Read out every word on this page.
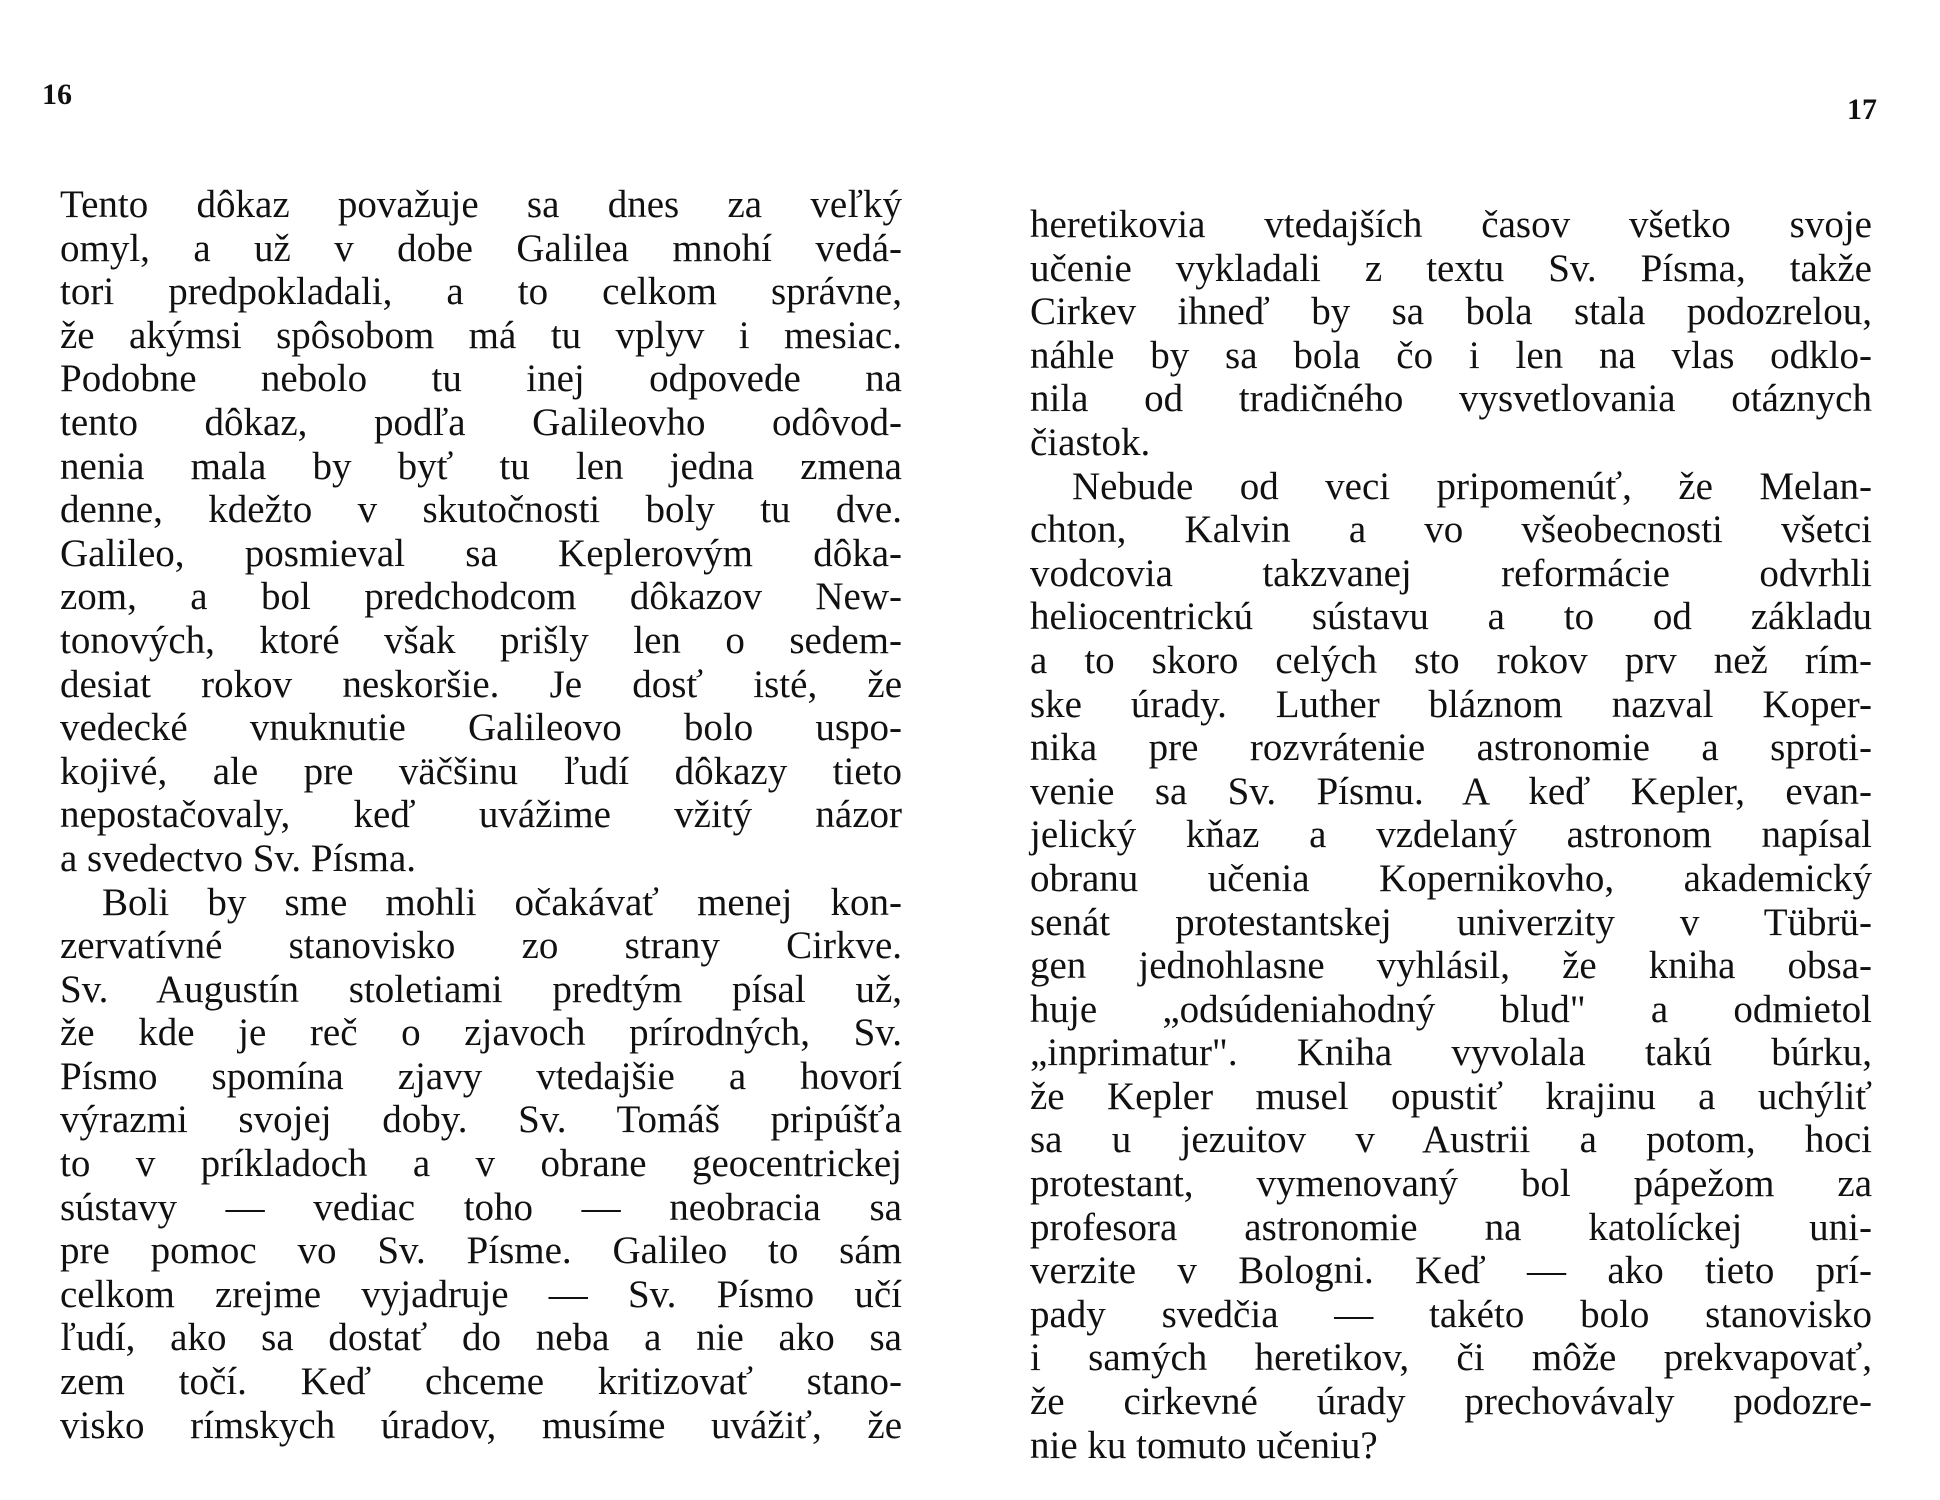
16
Tento dôkaz považuje sa dnes za veľký
omyl, a už v dobe Galilea mnohí vedá-
tori predpokladali, a to celkom správne,
že akýmsi spôsobom má tu vplyv i mesiac.
Podobne nebolo tu inej odpovede na
tento dôkaz, podľa Galileovho odôvod-
nenia mala by byť tu len jedna zmena
denne, kdežto v skutočnosti boly tu dve.
Galileo, posmieval sa Keplerovým dôka-
zom, a bol predchodcom dôkazov New-
tonových, ktoré však prišly len o sedem-
desiat rokov neskoršie. Je dosť isté, že
vedecké vnuknutie Galileovo bolo uspo-
kojivé, ale pre väčšinu ľudí dôkazy tieto
nepostačovaly, keď uvážime vžitý názor
a svedectvo Sv. Písma.
Boli by sme mohli očakávať menej kon-
zervatívné stanovisko zo strany Cirkve.
Sv. Augustín stoletiami predtým písal už,
že kde je reč o zjavoch prírodných, Sv.
Písmo spomína zjavy vtedajšie a hovorí
výrazmi svojej doby. Sv. Tomáš pripúšťa
to v príkladoch a v obrane geocentrickej
sústavy — vediac toho — neobracia sa
pre pomoc vo Sv. Písme. Galileo to sám
celkom zrejme vyjadruje — Sv. Písmo učí
ľudí, ako sa dostať do neba a nie ako sa
zem točí. Keď chceme kritizovať stano-
visko rímskych úradov, musíme uvážiť, že
17
heretikovia vtedajších časov všetko svoje
učenie vykladali z textu Sv. Písma, takže
Cirkev ihneď by sa bola stala podozrelou,
náhle by sa bola čo i len na vlas odklo-
nila od tradičného vysvetlovania otáznych
čiastok.
Nebude od veci pripomenúť, že Melan-
chton, Kalvin a vo všeobecnosti všetci
vodcovia takzvanej reformácie odvrhli
heliocentrickú sústavu a to od základu
a to skoro celých sto rokov prv než rím-
ske úrady. Luther bláznom nazval Koper-
nika pre rozvrátenie astronomie a sproti-
venie sa Sv. Písmu. A keď Kepler, evan-
jelický kňaz a vzdelaný astronom napísal
obranu učenia Kopernikovho, akademický
senát protestantskej univerzity v Tübrü-
gen jednohlasne vyhlásil, že kniha obsa-
huje „odsúdeniahodný blud" a odmietol
„inprimatur". Kniha vyvolala takú búrku,
že Kepler musel opustiť krajinu a uchýliť
sa u jezuitov v Austrii a potom, hoci
protestant, vymenovaný bol pápežom za
profesora astronomie na katolíckej uni-
verzite v Bologni. Keď — ako tieto prí-
pady svedčia — takéto bolo stanovisko
i samých heretikov, či môže prekvapovať,
že cirkevné úrady prechovávaly podozre-
nie ku tomuto učeniu?
